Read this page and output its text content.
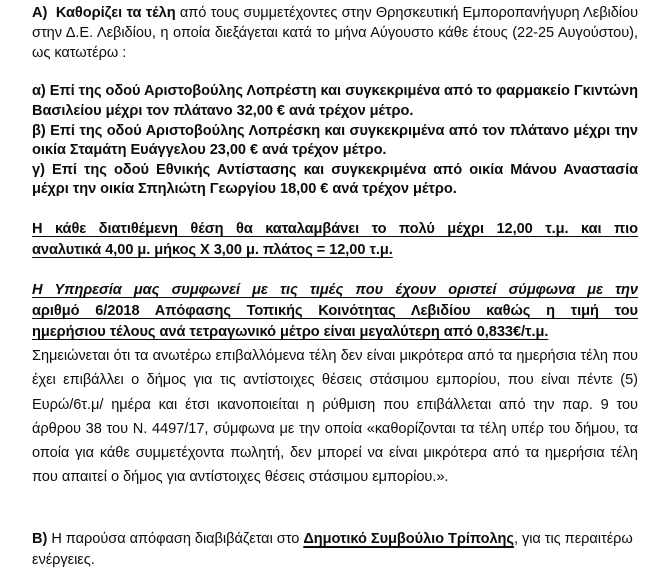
Α) Καθορίζει τα τέλη από τους συμμετέχοντες στην Θρησκευτική Εμποροπανήγυρη Λεβιδίου στην Δ.Ε. Λεβιδίου, η οποία διεξάγεται κατά το μήνα Αύγουστο κάθε έτους (22-25 Αυγούστου), ως κατωτέρω :

α) Επί της οδού Αριστοβούλης Λοπρέστη και συγκεκριμένα από το φαρμακείο Γκιντώνη Βασιλείου μέχρι τον πλάτανο 32,00 € ανά τρέχον μέτρο.

β) Επί της οδού Αριστοβούλης Λοπρέσκη και συγκεκριμένα από τον πλάτανο μέχρι την οικία Σταμάτη Ευάγγελου 23,00 € ανά τρέχον μέτρο.

γ) Επί της οδού Εθνικής Αντίστασης και συγκεκριμένα από οικία Μάνου Αναστασία μέχρι την οικία Σπηλιώτη Γεωργίου 18,00 € ανά τρέχον μέτρο.

Η κάθε διατιθέμενη θέση θα καταλαμβάνει το πολύ μέχρι 12,00 τ.μ. και πιο
αναλυτικά 4,00 μ. μήκος Χ 3,00 μ. πλάτος = 12,00 τ.μ.

Η Υπηρεσία μας συμφωνεί με τις τιμές που έχουν οριστεί σύμφωνα με την
αριθμό 6/2018 Απόφασης Τοπικής Κοινότητας Λεβιδίου καθώς η τιμή του
ημερήσιου τέλους ανά τετραγωνικό μέτρο είναι μεγαλύτερη από 0,833€/τ.μ.

Σημειώνεται ότι τα ανωτέρω επιβαλλόμενα τέλη δεν είναι μικρότερα από τα ημερήσια τέλη που έχει επιβάλλει ο δήμος για τις αντίστοιχες θέσεις στάσιμου εμπορίου, που είναι πέντε (5) Ευρώ/6τ.μ/ ημέρα και έτσι ικανοποιείται η ρύθμιση που επιβάλλεται από την παρ. 9 του άρθρου 38 του Ν. 4497/17, σύμφωνα με την οποία «καθορίζονται τα τέλη υπέρ του δήμου, τα οποία για κάθε συμμετέχοντα πωλητή, δεν μπορεί να είναι μικρότερα από τα ημερήσια τέλη που απαιτεί ο δήμος για αντίστοιχες θέσεις στάσιμου εμπορίου.».

Β) Η παρούσα απόφαση διαβιβάζεται στο Δημοτικό Συμβούλιο Τρίπολης, για τις περαιτέρω ενέργειες.
